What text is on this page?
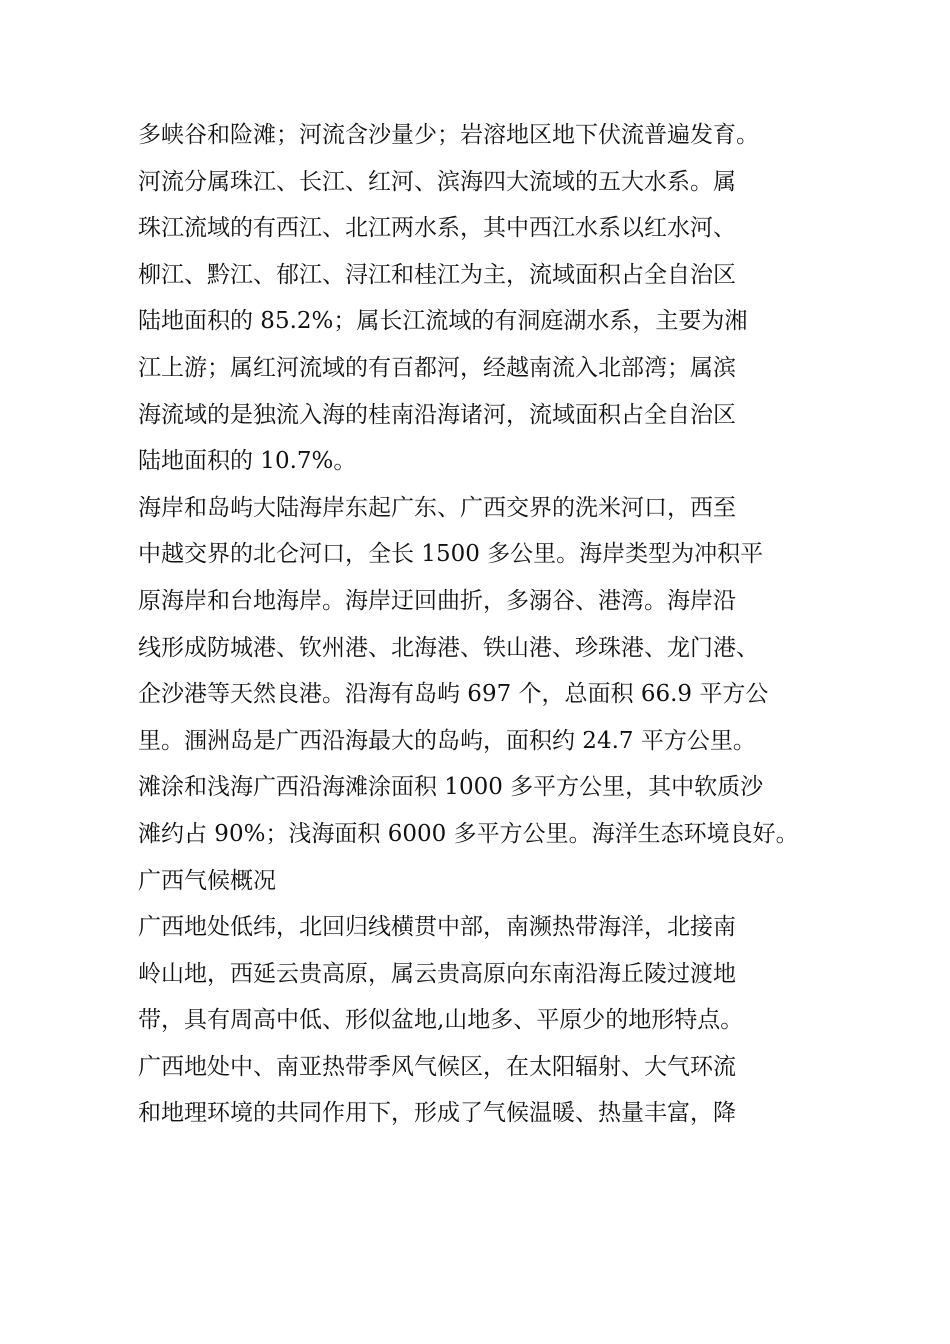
多峡谷和险滩；河流含沙量少；岩溶地区地下伏流普遍发育。

河流分属珠江、长江、红河、滨海四大流域的五大水系。属

珠江流域的有西江、北江两水系，其中西江水系以红水河、

柳江、黔江、郁江、浔江和桂江为主，流域面积占全自治区

陆地面积的 85.2%；属长江流域的有洞庭湖水系，主要为湘

江上游；属红河流域的有百都河，经越南流入北部湾；属滨

海流域的是独流入海的桂南沿海诸河，流域面积占全自治区

陆地面积的 10.7%。

海岸和岛屿大陆海岸东起广东、广西交界的洗米河口，西至

中越交界的北仑河口，全长 1500 多公里。海岸类型为冲积平

原海岸和台地海岸。海岸迂回曲折，多溺谷、港湾。海岸沿

线形成防城港、钦州港、北海港、铁山港、珍珠港、龙门港、

企沙港等天然良港。沿海有岛屿 697 个，总面积 66.9 平方公

里。涠洲岛是广西沿海最大的岛屿，面积约 24.7 平方公里。

滩涂和浅海广西沿海滩涂面积 1000 多平方公里，其中软质沙

滩约占 90%；浅海面积 6000 多平方公里。海洋生态环境良好。

广西气候概况

广西地处低纬，北回归线横贯中部，南濒热带海洋，北接南

岭山地，西延云贵高原，属云贵高原向东南沿海丘陵过渡地

带，具有周高中低、形似盆地,山地多、平原少的地形特点。

广西地处中、南亚热带季风气候区，在太阳辐射、大气环流

和地理环境的共同作用下，形成了气候温暖、热量丰富，降
